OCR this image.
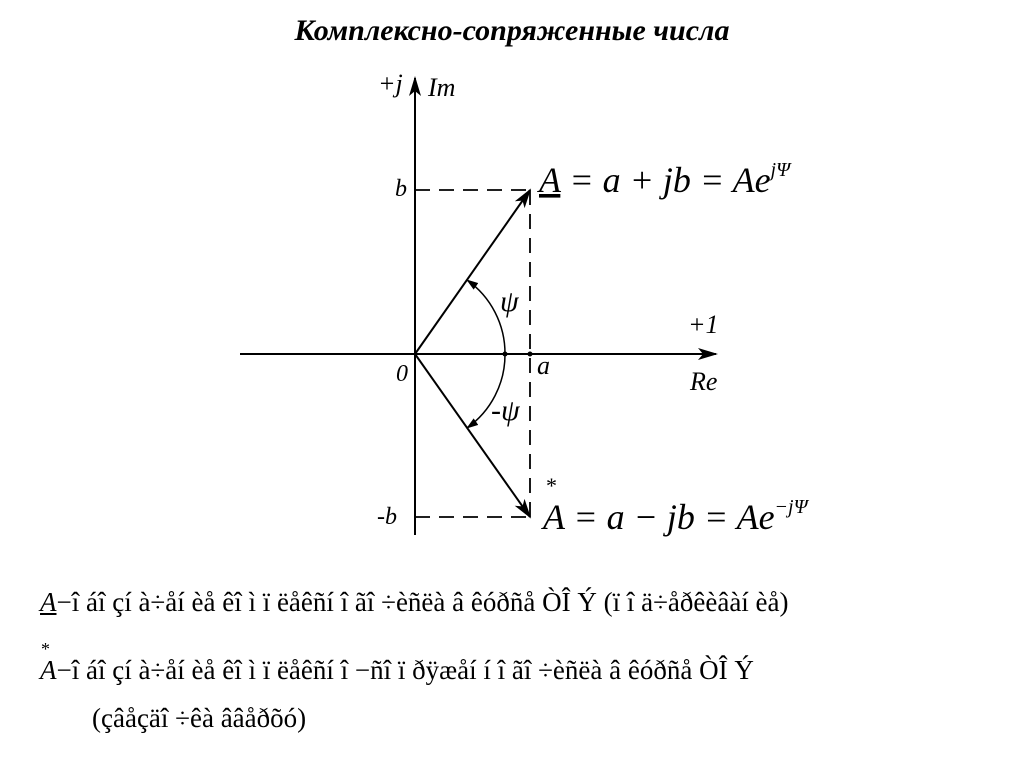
Комплексно-сопряженные числа
+j Im
+1
Re
0	a
b
-b
ψ
-ψ
A = a + jb = $Ae^{j\Psi}$
*
A = a − jb = $Ae^{-j\Psi}$
A−î áî çí à÷åí èå êî ì ï ëåêñí î ãî ÷èñëà â êóðñå ÒÎ Ý (ï î ä÷åðêèâàí èå)
*
A−î áî çí à÷åí èå êî ì ï ëåêñí î −ñî ï ðÿæåí í î ãî ÷èñëà â êóðñå ÒÎ Ý
(çâåçäî ÷êà ââåðõó)
